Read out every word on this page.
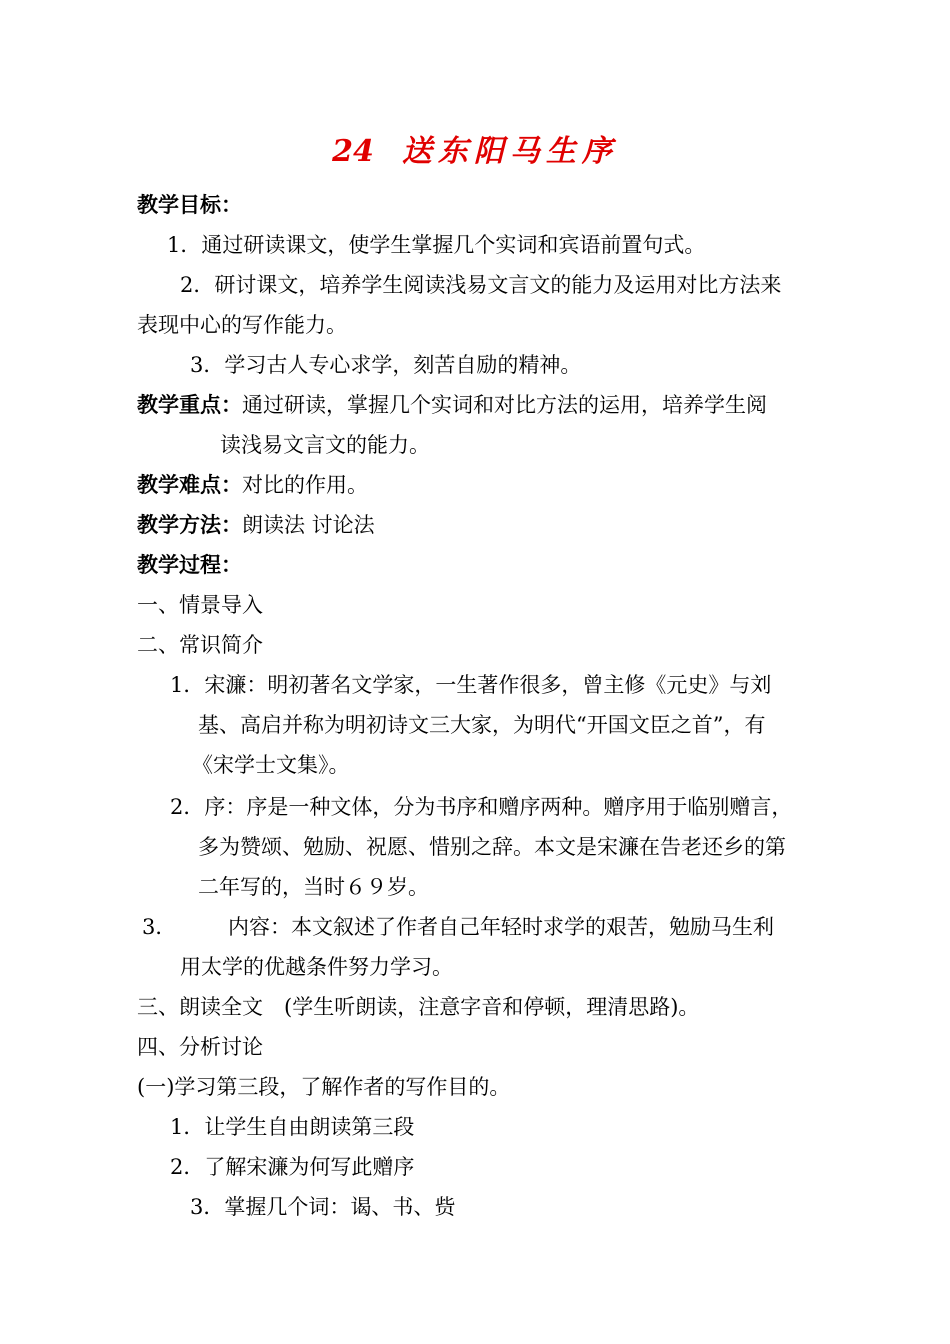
24 送东阳马生序

教学目标：

1．通过研读课文，使学生掌握几个实词和宾语前置句式。

2．研讨课文，培养学生阅读浅易文言文的能力及运用对比方法来

表现中心的写作能力。

3．学习古人专心求学，刻苦自励的精神。

教学重点：通过研读，掌握几个实词和对比方法的运用，培养学生阅

读浅易文言文的能力。

教学难点：对比的作用。

教学方法：朗读法 讨论法

教学过程：

一、情景导入

二、常识简介

1．宋濂：明初著名文学家，一生著作很多，曾主修《元史》与刘

基、高启并称为明初诗文三大家，为明代“开国文臣之首”，有

《宋学士文集》。

2．序：序是一种文体，分为书序和赠序两种。赠序用于临别赠言，

多为赞颂、勉励、祝愿、惜别之辞。本文是宋濂在告老还乡的第

二年写的，当时６９岁。

3． 内容：本文叙述了作者自己年轻时求学的艰苦，勉励马生利

用太学的优越条件努力学习。

三、朗读全文　(学生听朗读，注意字音和停顿，理清思路)。

四、分析讨论

(一)学习第三段，了解作者的写作目的。

1．让学生自由朗读第三段

2．了解宋濂为何写此赠序

3．掌握几个词：谒、书、赀
